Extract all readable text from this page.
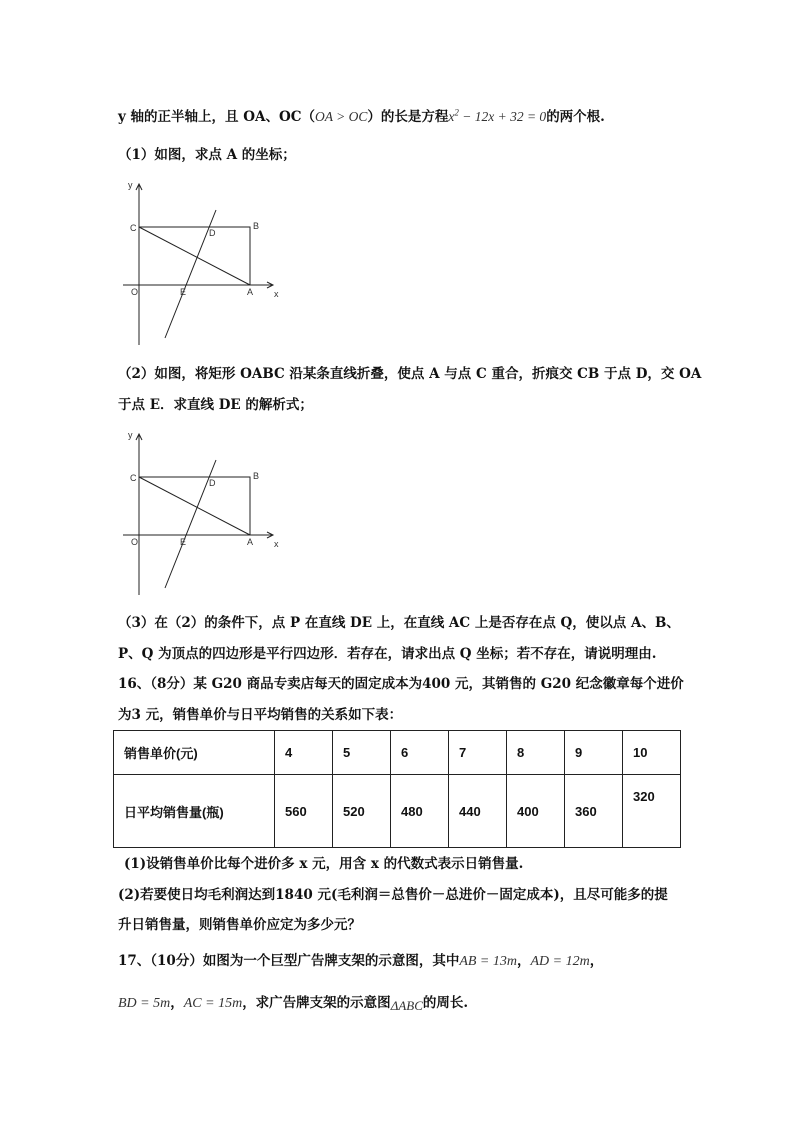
y 轴的正半轴上，且 OA、OC（OA > OC）的长是方程$x^2 - 12x + 32 = 0$的两个根.
（1）如图，求点 A 的坐标；
y
x
O
C	B
D
E	A
（2）如图，将矩形 OABC 沿某条直线折叠，使点 A 与点 C 重合，折痕交 CB 于点 D，交 OA
于点 E．求直线 DE 的解析式；
y
x
O
C	B
D
E	A
（3）在（2）的条件下，点 P 在直线 DE 上，在直线 AC 上是否存在点 Q，使以点 A、B、
P、Q 为顶点的四边形是平行四边形．若存在，请求出点 Q 坐标；若不存在，请说明理由.
16、（8分）某 G20 商品专卖店每天的固定成本为400 元，其销售的 G20 纪念徽章每个进价
为3 元，销售单价与日平均销售的关系如下表：
销售单价(元)	4	5	6	7	8	9	10
日平均销售量(瓶)	560	520	480	440	400	360	320
(1)设销售单价比每个进价多 x 元，用含 x 的代数式表示日销售量.
(2)若要使日均毛利润达到1840 元(毛利润＝总售价－总进价－固定成本)，且尽可能多的提
升日销售量，则销售单价应定为多少元？
17、（10分）如图为一个巨型广告牌支架的示意图，其中AB = 13m，AD = 12m，
BD = 5m，AC = 15m，求广告牌支架的示意图ΔABC的周长.
